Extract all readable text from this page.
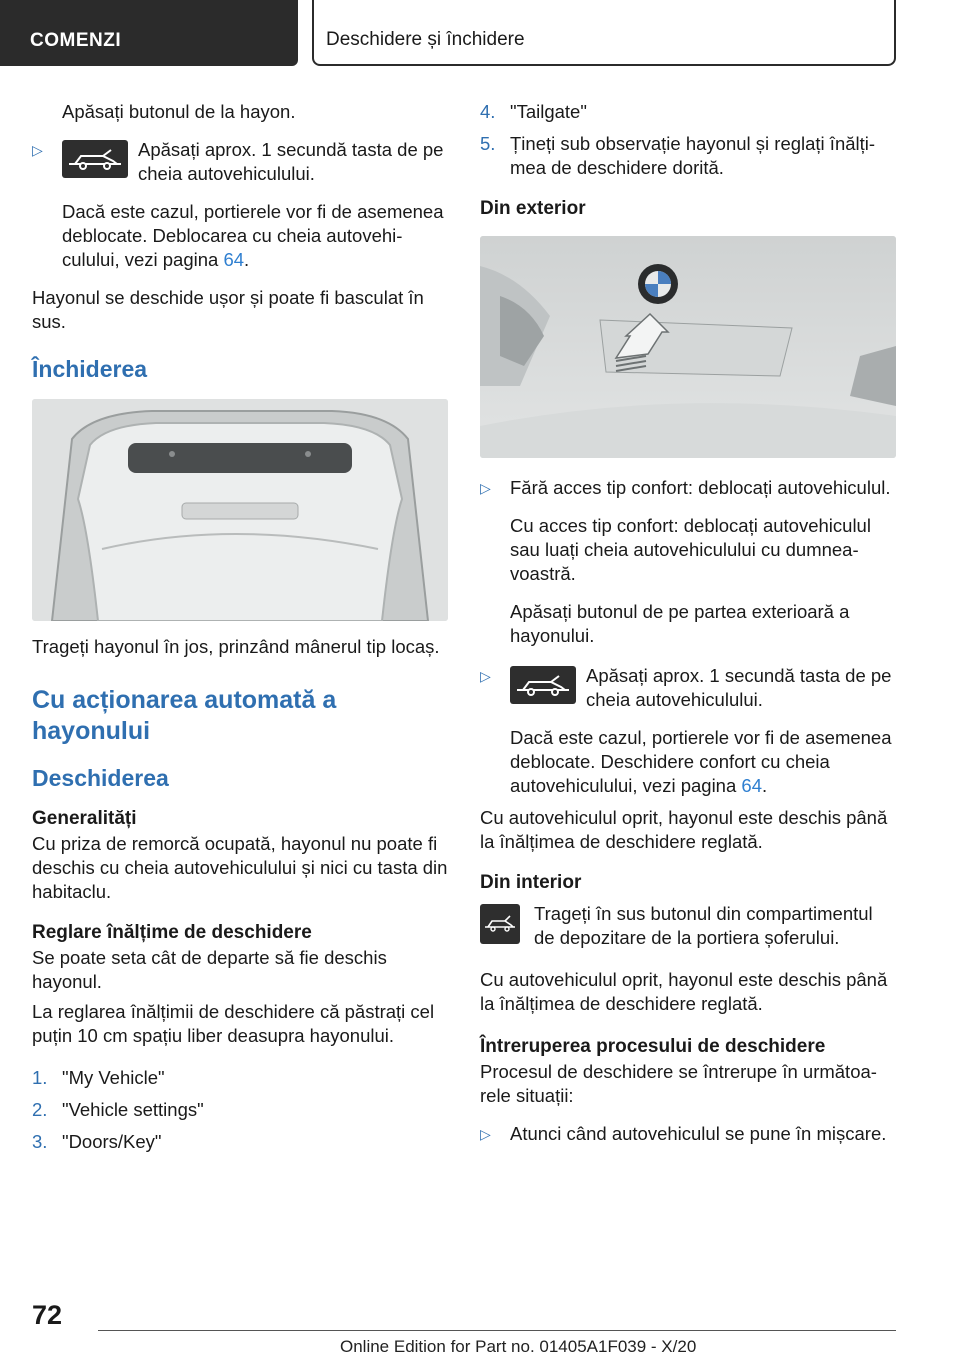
COMENZI	Deschidere și închidere

Apăsați butonul de la hayon.

▷	Apăsați aprox. 1 secundă tasta de pe cheia autovehiculului.

Dacă este cazul, portierele vor fi de asemenea deblocate. Deblocarea cu cheia autovehiculului, vezi pagina 64.

Hayonul se deschide ușor și poate fi basculat în sus.

Închiderea

Trageți hayonul în jos, prinzând mânerul tip locaș.

Cu acționarea automată a hayonului
Deschiderea
Generalități

Cu priza de remorcă ocupată, hayonul nu poate fi deschis cu cheia autovehiculului și nici cu tasta din habitaclu.

Reglare înălțime de deschidere

Se poate seta cât de departe să fie deschis hayonul.

La reglarea înălțimii de deschidere că păstrați cel puțin 10 cm spațiu liber deasupra hayonului.

1. "My Vehicle"
2. "Vehicle settings"
3. "Doors/Key"
4. "Tailgate"
5. Țineți sub observație hayonul și reglați înălțimea de deschidere dorită.
Din exterior

▷	Fără acces tip confort: deblocați autovehiculul.

Cu acces tip confort: deblocați autovehiculul sau luați cheia autovehiculului cu dumneavoastră.

Apăsați butonul de pe partea exterioară a hayonului.

▷	Apăsați aprox. 1 secundă tasta de pe cheia autovehiculului.

Dacă este cazul, portierele vor fi de asemenea deblocate. Deschidere confort cu cheia autovehiculului, vezi pagina 64.

Cu autovehiculul oprit, hayonul este deschis până la înălțimea de deschidere reglată.

Din interior
Trageți în sus butonul din compartimentul de depozitare de la portiera șoferului.

Cu autovehiculul oprit, hayonul este deschis până la înălțimea de deschidere reglată.

Întreruperea procesului de deschidere

Procesul de deschidere se întrerupe în următoarele situații:

▷	Atunci când autovehiculul se pune în mișcare.

72
Online Edition for Part no. 01405A1F039 - X/20
